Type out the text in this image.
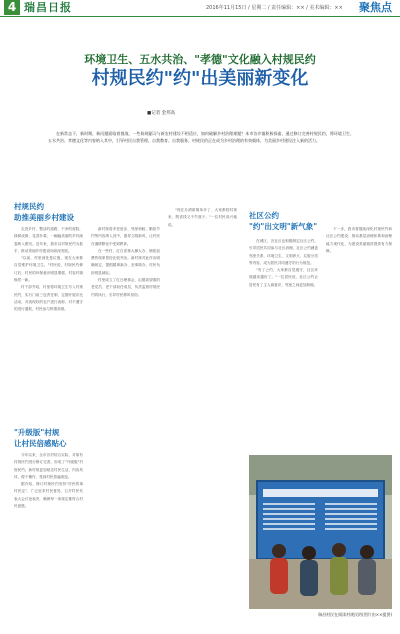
4 瑞昌日报	2016年11月15日 / 星期二 / 责任编辑：×× / 美术编辑：×× 聚焦点
环境卫生、五水共治、"孝德"文化融入村规民约
村规民约"约"出美丽新变化
■记者 金邦高
在新常态下，新时期，新问题面临着挑战，一些陈规陋习与新农村建设不相适应，如何破解乡村治理难题？本市各乡镇积极探索，通过修订完善村规民约，将环境卫生、五水共治、孝德文化等内容纳入其中，引导村民自我管理、自我教育、自我服务，村规民约正在成为乡村治理的有效载体，为美丽乡村建设注入新的活力。
村规民约
助推美丽乡村建设

走进乡村，整洁的道路，干净的庭院，绿树成荫，花香扑鼻，一幅幅美丽的乡村画卷映入眼帘。近年来，我市以村规民约为抓手，推动美丽乡村建设向纵深发展。

"以前，村里到处是垃圾，现在大家都自觉维护环境卫生。"村民说，村规民约修订后，村民的环保意识明显增强，村容村貌焕然一新。

村干部介绍，村里将环境卫生写入村规民约，实行门前三包责任制，定期开展评比活动，对表现好的农户进行表彰，对不遵守的进行通报，村民参与热情高涨。

"升级版"村规
让村民倍感贴心

今年以来，全市各村结合实际，对原有村规民约进行修订完善，形成了"升级版"村规民约。新村规更加贴近村民生活，内容具体，便于操作，受到村民普遍欢迎。

据介绍，修订村规民约坚持"村民的事村民定"，广泛征求村民意见，召开村民代表大会讨论表决，确保每一条规定都符合村民意愿。

新村规将孝老爱亲、邻里和睦、勤俭节约等内容纳入其中，倡导文明新风，让村民在潜移默化中受到教育。

在一些村，红白喜事大操大办、铺张浪费的现象曾经比较突出。新村规对此作出明确规定，提倡婚事新办、丧事简办，村民负担明显减轻。

村里成立了红白理事会，由德高望重的老党员、老干部担任成员，负责监督村规民约的执行，引导村民移风易俗。

"现在办酒席简单多了，大家都按村规来，既省钱又不失面子。"一位村民高兴地说。

社区公约
"约"出文明"新气象"

在城区，各社区也积极制定社区公约，引导居民共同参与社区治理。社区公约涵盖邻里关系、环境卫生、文明养犬、垃圾分类等内容，成为居民共同遵守的行为规范。

"有了公约，大家都自觉遵守，社区环境越来越好了。"一位居民说，社区公约让居民有了主人翁意识，邻里之间更加和睦。

下一步，我市将继续深化村规民约和社区公约建设，推动基层治理体系和治理能力现代化，为建设美丽瑞昌提供有力保障。

瑞昌村民在阅读村规民约(图片由××提供)
